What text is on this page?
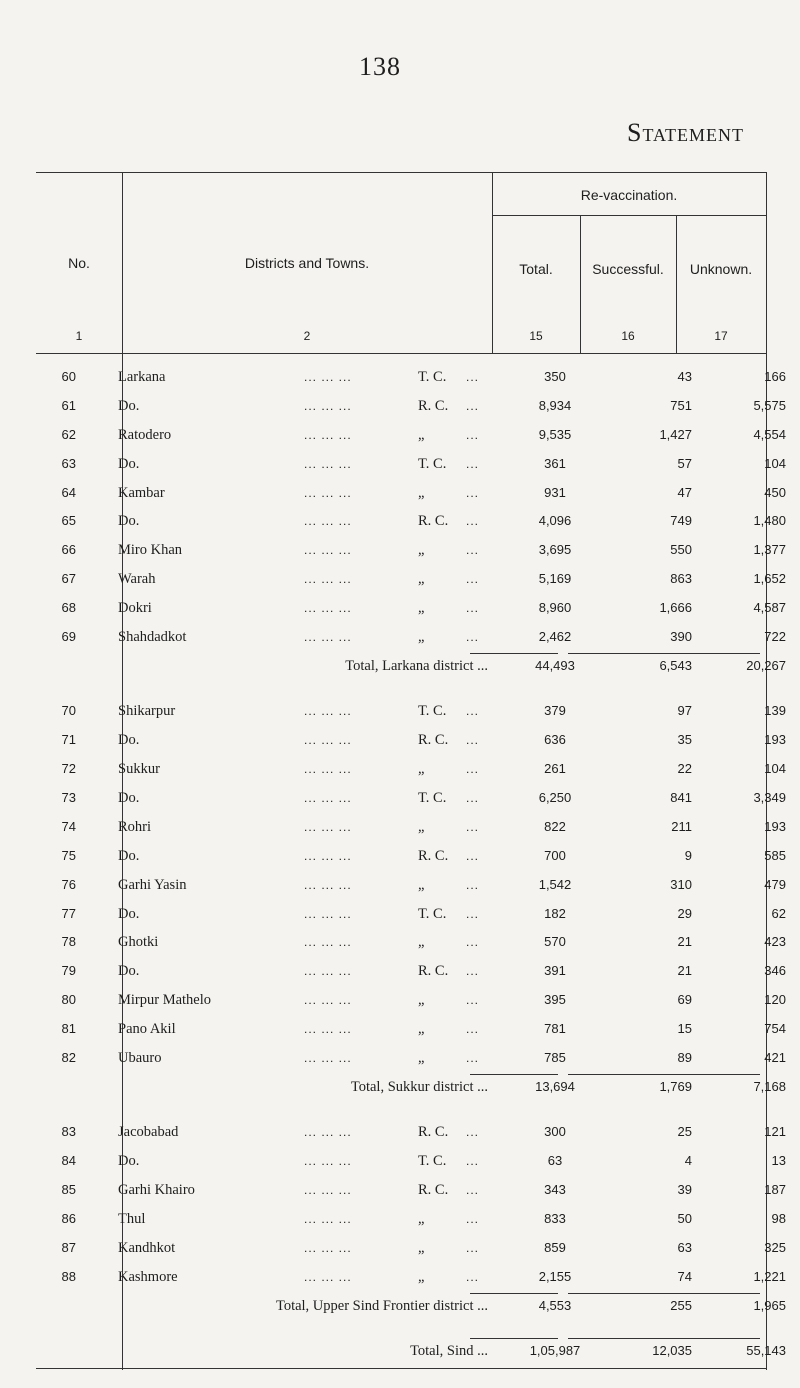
138
Statement
No.
1
Districts and Towns.
2
Re-vaccination.
Total.
15
Successful.
16
Unknown.
17
60	Larkana	... ... ...	T. C. ...	350	43	166
61	Do.	... ... ...	R. C. ...	8,934	751	5,575
62	Ratodero	... ... ...	„	...	9,535	1,427	4,554
63	Do.	... ... ...	T. C. ...	361	57	104
64	Kambar	... ... ...	„	...	931	47	450
65	Do.	... ... ...	R. C. ...	4,096	749	1,480
66	Miro Khan	... ... ...	„	...	3,695	550	1,377
67	Warah	... ... ...	„	...	5,169	863	1,652
68	Dokri	... ... ...	„	...	8,960	1,666	4,587
69	Shahdadkot	... ... ...	„	...	2,462	390	722
Total, Larkana district ...	44,493	6,543	20,267
70	Shikarpur	... ... ...	T. C. ...	379	97	139
71	Do.	... ... ...	R. C. ...	636	35	193
72	Sukkur	... ... ...	„	...	261	22	104
73	Do.	... ... ...	T. C. ...	6,250	841	3,349
74	Rohri	... ... ...	„	...	822	211	193
75	Do.	... ... ...	R. C. ...	700	9	585
76	Garhi Yasin	... ... ...	„	...	1,542	310	479
77	Do.	... ... ...	T. C. ...	182	29	62
78	Ghotki	... ... ...	„	...	570	21	423
79	Do.	... ... ...	R. C. ...	391	21	346
80	Mirpur Mathelo	... ... ...	„	...	395	69	120
81	Pano Akil	... ... ...	„	...	781	15	754
82	Ubauro	... ... ...	„	...	785	89	421
Total, Sukkur district ...	13,694	1,769	7,168
83	Jacobabad	... ... ...	R. C. ...	300	25	121
84	Do.	... ... ...	T. C. ...	63	4	13
85	Garhi Khairo	... ... ...	R. C. ...	343	39	187
86	Thul	... ... ...	„	...	833	50	98
87	Kandhkot	... ... ...	„	...	859	63	325
88	Kashmore	... ... ...	„	...	2,155	74	1,221
Total, Upper Sind Frontier district ...	4,553	255	1,965
Total, Sind ...	1,05,987	12,035	55,143
